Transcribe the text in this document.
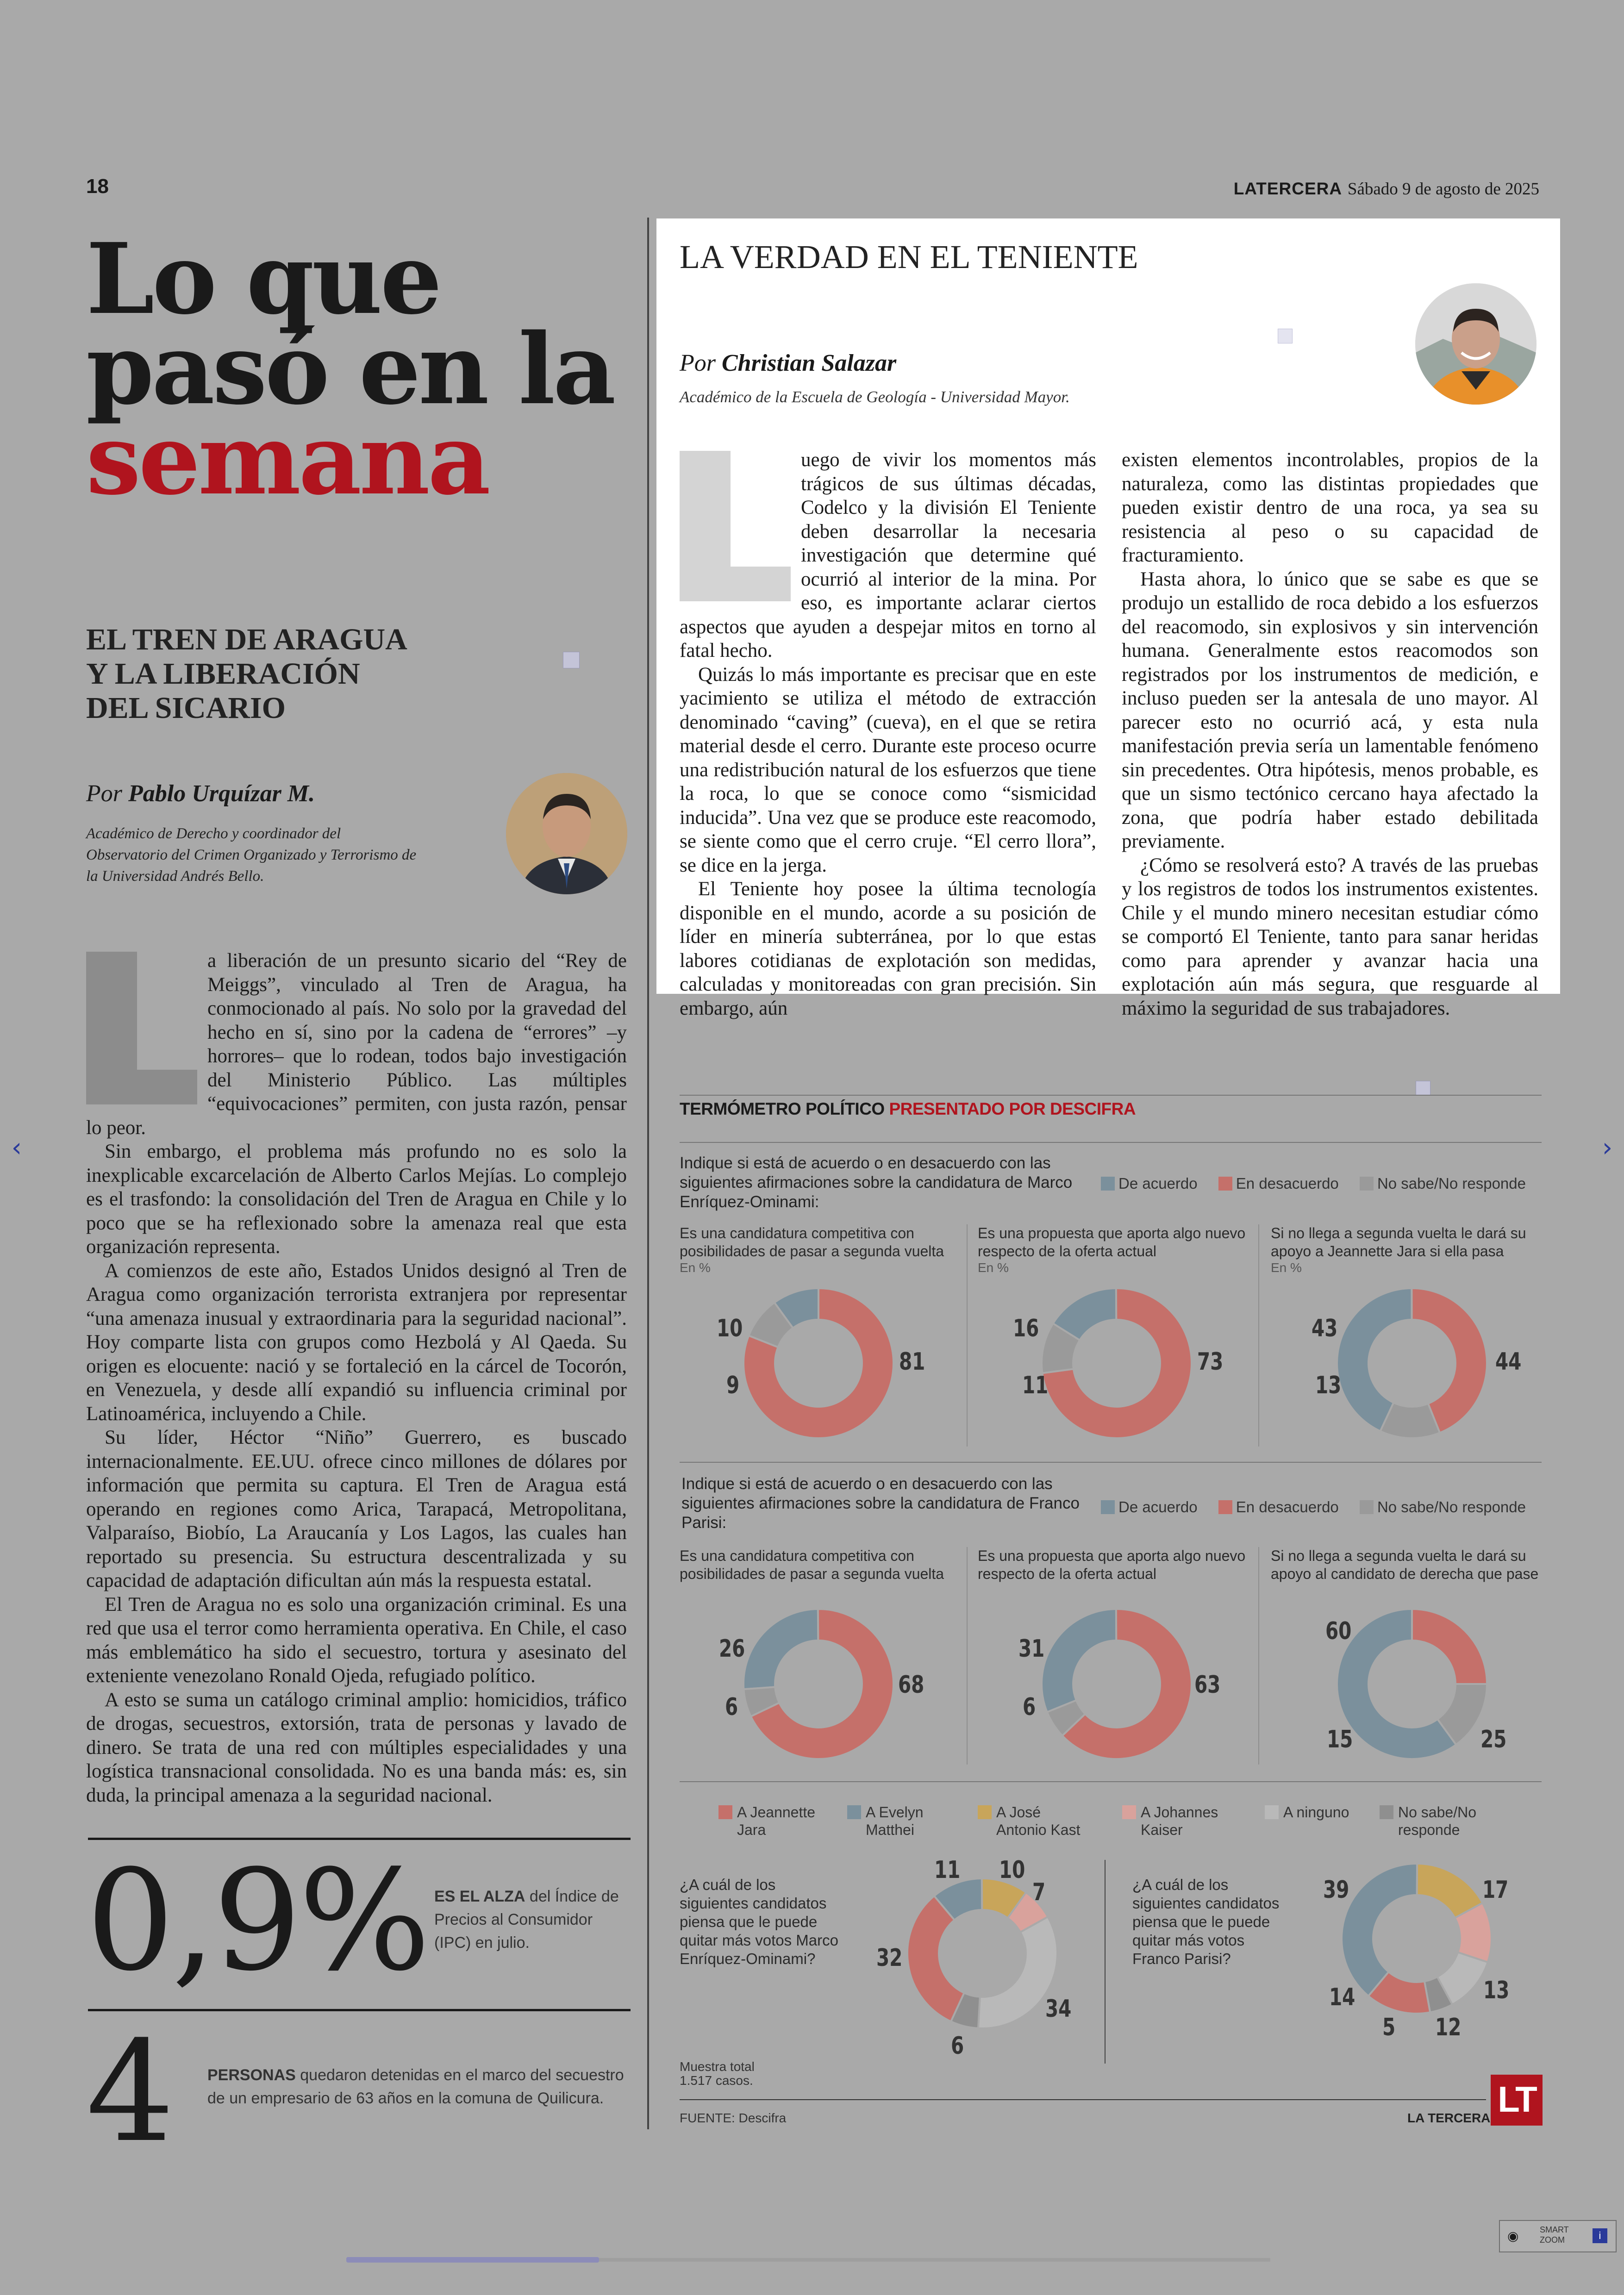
‹	›
18	LATERCERA Sábado 9 de agosto de 2025
Lo que
pasó en la
semana
EL TREN DE ARAGUA
Y LA LIBERACIÓN
DEL SICARIO
Por Pablo Urquízar M.
Académico de Derecho y coordinador del Observatorio del Crimen Organizado y Terrorismo de la Universidad Andrés Bello.

a liberación de un presunto sicario del “Rey de Meiggs”, vinculado al Tren de Aragua, ha conmocionado al país. No solo por la gravedad del hecho en sí, sino por la cadena de “errores” –y horrores– que lo rodean, todos bajo investigación del Ministerio Público. Las múltiples “equivocaciones” permiten, con justa razón, pensar lo peor.

Sin embargo, el problema más profundo no es solo la inexplicable excarcelación de Alberto Carlos Mejías. Lo complejo es el trasfondo: la consolidación del Tren de Aragua en Chile y lo poco que se ha reflexionado sobre la amenaza real que esta organización representa.

A comienzos de este año, Estados Unidos designó al Tren de Aragua como organización terrorista extranjera por representar “una amenaza inusual y extraordinaria para la seguridad nacional”. Hoy comparte lista con grupos como Hezbolá y Al Qaeda. Su origen es elocuente: nació y se fortaleció en la cárcel de Tocorón, en Venezuela, y desde allí expandió su influencia criminal por Latinoamérica, incluyendo a Chile.

Su líder, Héctor “Niño” Guerrero, es buscado internacionalmente. EE.UU. ofrece cinco millones de dólares por información que permita su captura. El Tren de Aragua está operando en regiones como Arica, Tarapacá, Metropolitana, Valparaíso, Biobío, La Araucanía y Los Lagos, las cuales han reportado su presencia. Su estructura descentralizada y su capacidad de adaptación dificultan aún más la respuesta estatal.

El Tren de Aragua no es solo una organización criminal. Es una red que usa el terror como herramienta operativa. En Chile, el caso más emblemático ha sido el secuestro, tortura y asesinato del exteniente venezolano Ronald Ojeda, refugiado político.

A esto se suma un catálogo criminal amplio: homicidios, tráfico de drogas, secuestros, extorsión, trata de personas y lavado de dinero. Se trata de una red con múltiples especialidades y una logística transnacional consolidada. No es una banda más: es, sin duda, la principal amenaza a la seguridad nacional.

0,9% ES EL ALZA del Índice de Precios al Consumidor (IPC) en julio.
4 PERSONAS quedaron detenidas en el marco del secuestro de un empresario de 63 años en la comuna de Quilicura.
LA VERDAD EN EL TENIENTE
Por Christian Salazar
Académico de la Escuela de Geología - Universidad Mayor.

uego de vivir los momentos más trágicos de sus últimas décadas, Codelco y la división El Teniente deben desarrollar la necesaria investigación que determine qué ocurrió al interior de la mina. Por eso, es importante aclarar ciertos aspectos que ayuden a despejar mitos en torno al fatal hecho.

Quizás lo más importante es precisar que en este yacimiento se utiliza el método de extracción denominado “caving” (cueva), en el que se retira material desde el cerro. Durante este proceso ocurre una redistribución natural de los esfuerzos que tiene la roca, lo que se conoce como “sismicidad inducida”. Una vez que se produce este reacomodo, se siente como que el cerro cruje. “El cerro llora”, se dice en la jerga.

El Teniente hoy posee la última tecnología disponible en el mundo, acorde a su posición de líder en minería subterránea, por lo que estas labores cotidianas de explotación son medidas, calculadas y monitoreadas con gran precisión. Sin embargo, aún

existen elementos incontrolables, propios de la naturaleza, como las distintas propiedades que pueden existir dentro de una roca, ya sea su resistencia al peso o su capacidad de fracturamiento.

Hasta ahora, lo único que se sabe es que se produjo un estallido de roca debido a los esfuerzos del reacomodo, sin explosivos y sin intervención humana. Generalmente estos reacomodos son registrados por los instrumentos de medición, e incluso pueden ser la antesala de uno mayor. Al parecer esto no ocurrió acá, y esta nula manifestación previa sería un lamentable fenómeno sin precedentes. Otra hipótesis, menos probable, es que un sismo tectónico cercano haya afectado la zona, que podría haber estado debilitada previamente.

¿Cómo se resolverá esto? A través de las pruebas y los registros de todos los instrumentos existentes. Chile y el mundo minero necesitan estudiar cómo se comportó El Teniente, tanto para sanar heridas como para aprender y avanzar hacia una explotación aún más segura, que resguarde al máximo la seguridad de sus trabajadores.

TERMÓMETRO POLÍTICO PRESENTADO POR DESCIFRA
Indique si está de acuerdo o en desacuerdo con las siguientes afirmaciones sobre la candidatura de Marco Enríquez-Ominami:
De acuerdo	En desacuerdo	No sabe/No responde
Es una candidatura competitiva con posibilidades de pasar a segunda vuelta
En %
Es una propuesta que aporta algo nuevo respecto de la oferta actual
En %
Si no llega a segunda vuelta le dará su apoyo a Jeannette Jara si ella pasa
En %
10
81
9
16
73
11
43
44
13
Indique si está de acuerdo o en desacuerdo con las siguientes afirmaciones sobre la candidatura de Franco Parisi:
De acuerdo	En desacuerdo	No sabe/No responde
Es una candidatura competitiva con posibilidades de pasar a segunda vuelta
Es una propuesta que aporta algo nuevo respecto de la oferta actual
Si no llega a segunda vuelta le dará su apoyo al candidato de derecha que pase
26
68
6
31
63
6
60
25
15
A Jeannette Jara
A Evelyn Matthei
A José Antonio Kast
A Johannes Kaiser
A ninguno	No sabe/No responde
¿A cuál de los siguientes candidatos piensa que le puede quitar más votos Marco Enríquez-Ominami?
¿A cuál de los siguientes candidatos piensa que le puede quitar más votos Franco Parisi?
11 10
7
34
6
32
39	17
13
12
5
14
Muestra total 1.517 casos.
FUENTE: Descifra	LA TERCERA LT
◉	SMART
ZOOM	i
